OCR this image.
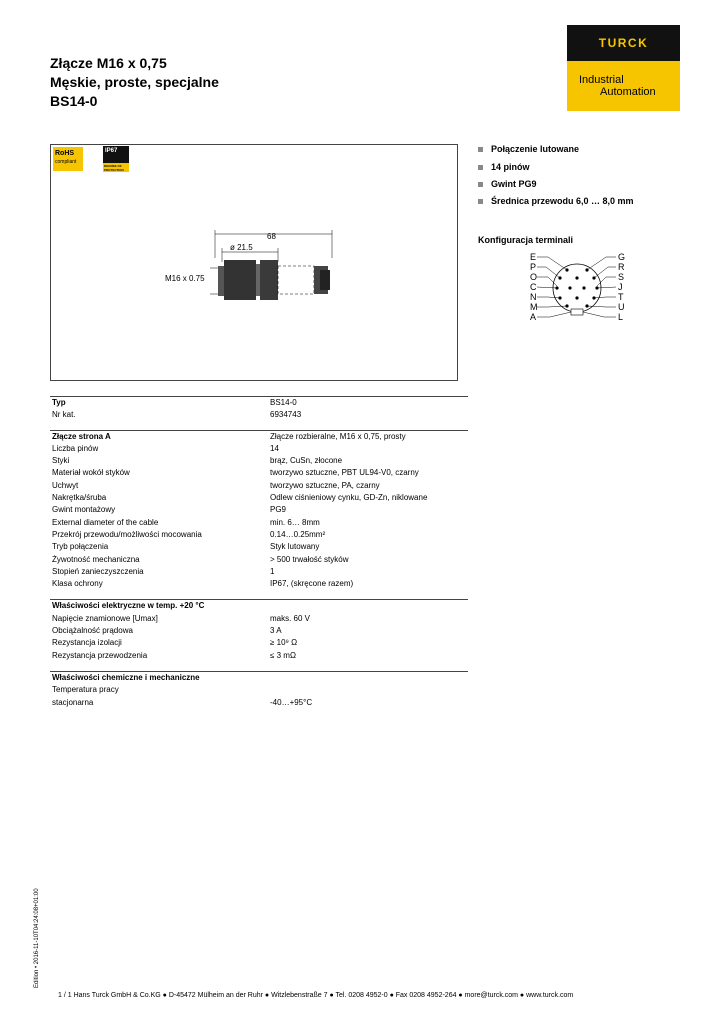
Złącze M16 x 0,75
Męskie, proste, specjalne
BS14-0
TURCK
Industrial
Automation
RoHS
compliant
IP67
DEGREE OF PROTECTION
68
ø 21.5
M16 x 0.75
Połączenie lutowane
14 pinów
Gwint PG9
Średnica przewodu 6,0 … 8,0 mm
Konfiguracja terminali
E
P
O
C
N
M
A
G
R
S
J
T
U
L
Typ	BS14-0
Nr kat.	6934743
Złącze strona A	Złącze rozbieralne, M16 x 0,75, prosty
Liczba pinów	14
Styki	brąz, CuSn, złocone
Materiał wokół styków	tworzywo sztuczne, PBT UL94-V0, czarny
Uchwyt	tworzywo sztuczne, PA, czarny
Nakrętka/śruba	Odlew ciśnieniowy cynku, GD-Zn, niklowane
Gwint montażowy	PG9
External diameter of the cable	min. 6… 8mm
Przekrój przewodu/możliwości mocowania	0.14…0.25mm²
Tryb połączenia	Styk lutowany
Żywotność mechaniczna	> 500 trwałość styków
Stopień zanieczyszczenia	1
Klasa ochrony	IP67, (skręcone razem)
Właściwości elektryczne w temp. +20 °C
Napięcie znamionowe [Umax]	maks. 60 V
Obciążalność prądowa	3 A
Rezystancja izolacji	≥ 10⁹ Ω
Rezystancja przewodzenia	≤ 3 mΩ
Właściwości chemiczne i mechaniczne
Temperatura pracy
stacjonarna	-40…+95°C
Edition • 2016-11-10T04:24:08+01:00
1 / 1 Hans Turck GmbH & Co.KG ● D-45472 Mülheim an der Ruhr ● Witzlebenstraße 7 ● Tel. 0208 4952-0 ● Fax 0208 4952-264 ● more@turck.com ● www.turck.com
